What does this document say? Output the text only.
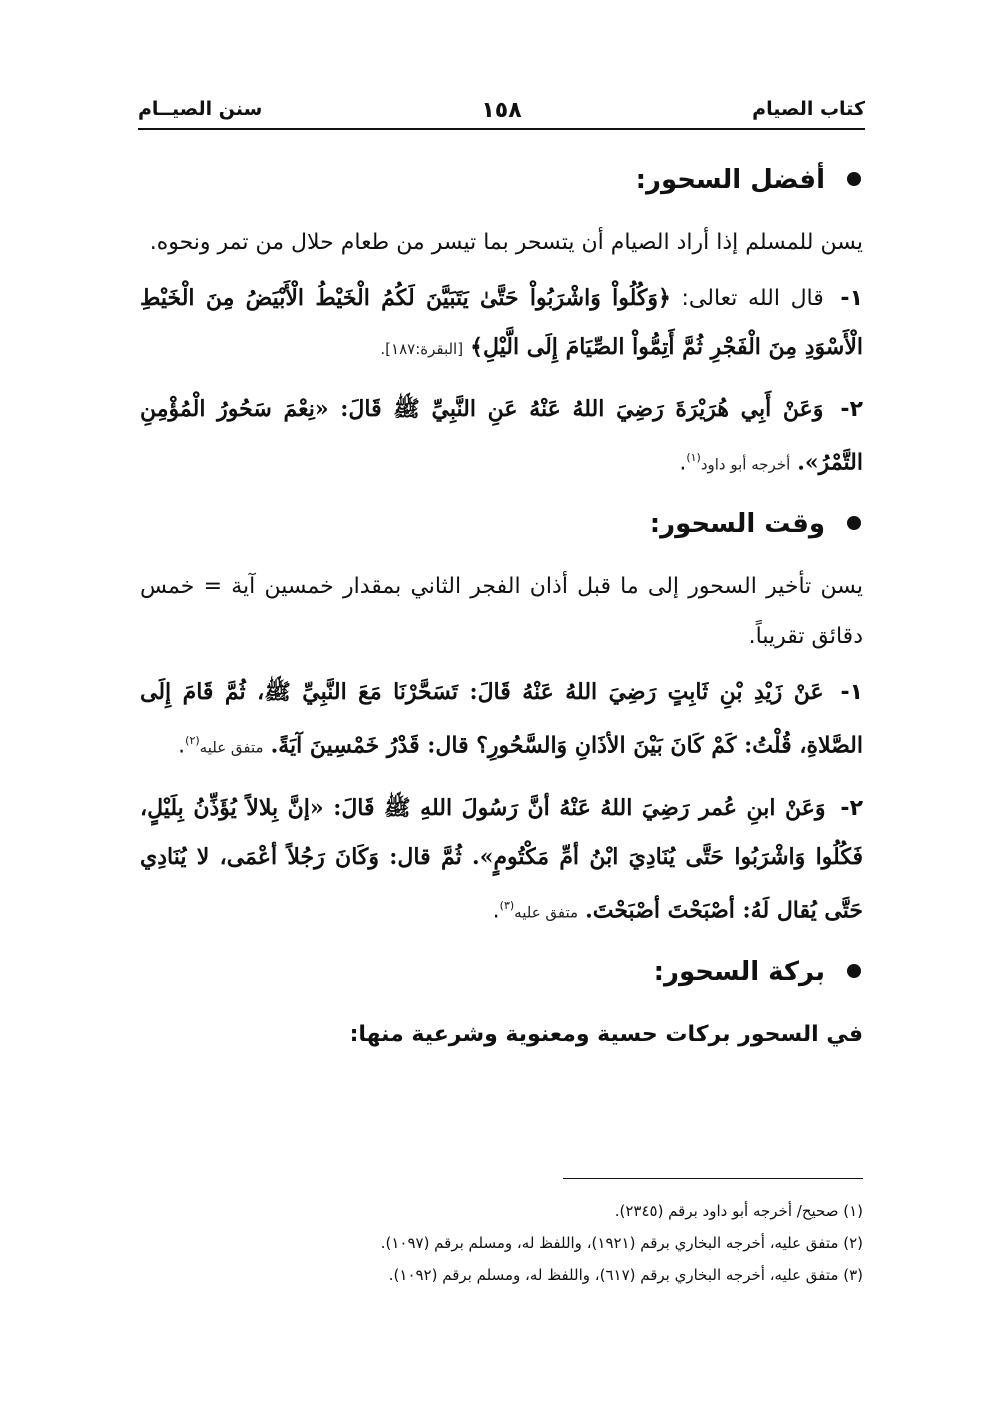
كتاب الصيام
١٥٨
سنن الصيــام
أفضل السحور:
يسن للمسلم إذا أراد الصيام أن يتسحر بما تيسر من طعام حلال من تمر ونحوه.
١- قال الله تعالى: ﴿وَكُلُواْ وَاشْرَبُواْ حَتَّىٰ يَتَبَيَّنَ لَكُمُ الْخَيْطُ الْأَبْيَضُ مِنَ الْخَيْطِ الْأَسْوَدِ مِنَ الْفَجْرِ ثُمَّ أَتِمُّواْ الصِّيَامَ إِلَى الَّيْلِ﴾ [البقرة:١٨٧].
٢- وَعَنْ أَبِي هُرَيْرَةَ رَضِيَ اللهُ عَنْهُ عَنِ النَّبِيِّ ﷺ قَالَ: «نِعْمَ سَحُورُ الْمُؤْمِنِ التَّمْرُ». أخرجه أبو داود$^{(١)}$.
وقت السحور:
يسن تأخير السحور إلى ما قبل أذان الفجر الثاني بمقدار خمسين آية = خمس دقائق تقريباً.
١- عَنْ زَيْدِ بْنِ ثَابِتٍ رَضِيَ اللهُ عَنْهُ قَالَ: تَسَحَّرْنَا مَعَ النَّبِيِّ ﷺ، ثُمَّ قَامَ إِلَى الصَّلاةِ، قُلْتُ: كَمْ كَانَ بَيْنَ الأذَانِ وَالسَّحُورِ؟ قال: قَدْرُ خَمْسِينَ آيَةً. متفق عليه$^{(٢)}$.
٢- وَعَنْ ابنِ عُمر رَضِيَ اللهُ عَنْهُ أنَّ رَسُولَ اللهِ ﷺ قَالَ: «إنَّ بِلالاً يُؤَذِّنُ بِلَيْلٍ، فَكُلُوا وَاشْرَبُوا حَتَّى يُنَادِيَ ابْنُ أمِّ مَكْتُومٍ». ثُمَّ قال: وَكَانَ رَجُلاً أعْمَى، لا يُنَادِي حَتَّى يُقال لَهُ: أصْبَحْتَ أصْبَحْتَ. متفق عليه$^{(٣)}$.
بركة السحور:
في السحور بركات حسية ومعنوية وشرعية منها:
(١) صحيح/ أخرجه أبو داود برقم (٢٣٤٥).
(٢) متفق عليه، أخرجه البخاري برقم (١٩٢١)، واللفظ له، ومسلم برقم (١٠٩٧).
(٣) متفق عليه، أخرجه البخاري برقم (٦١٧)، واللفظ له، ومسلم برقم (١٠٩٢).
